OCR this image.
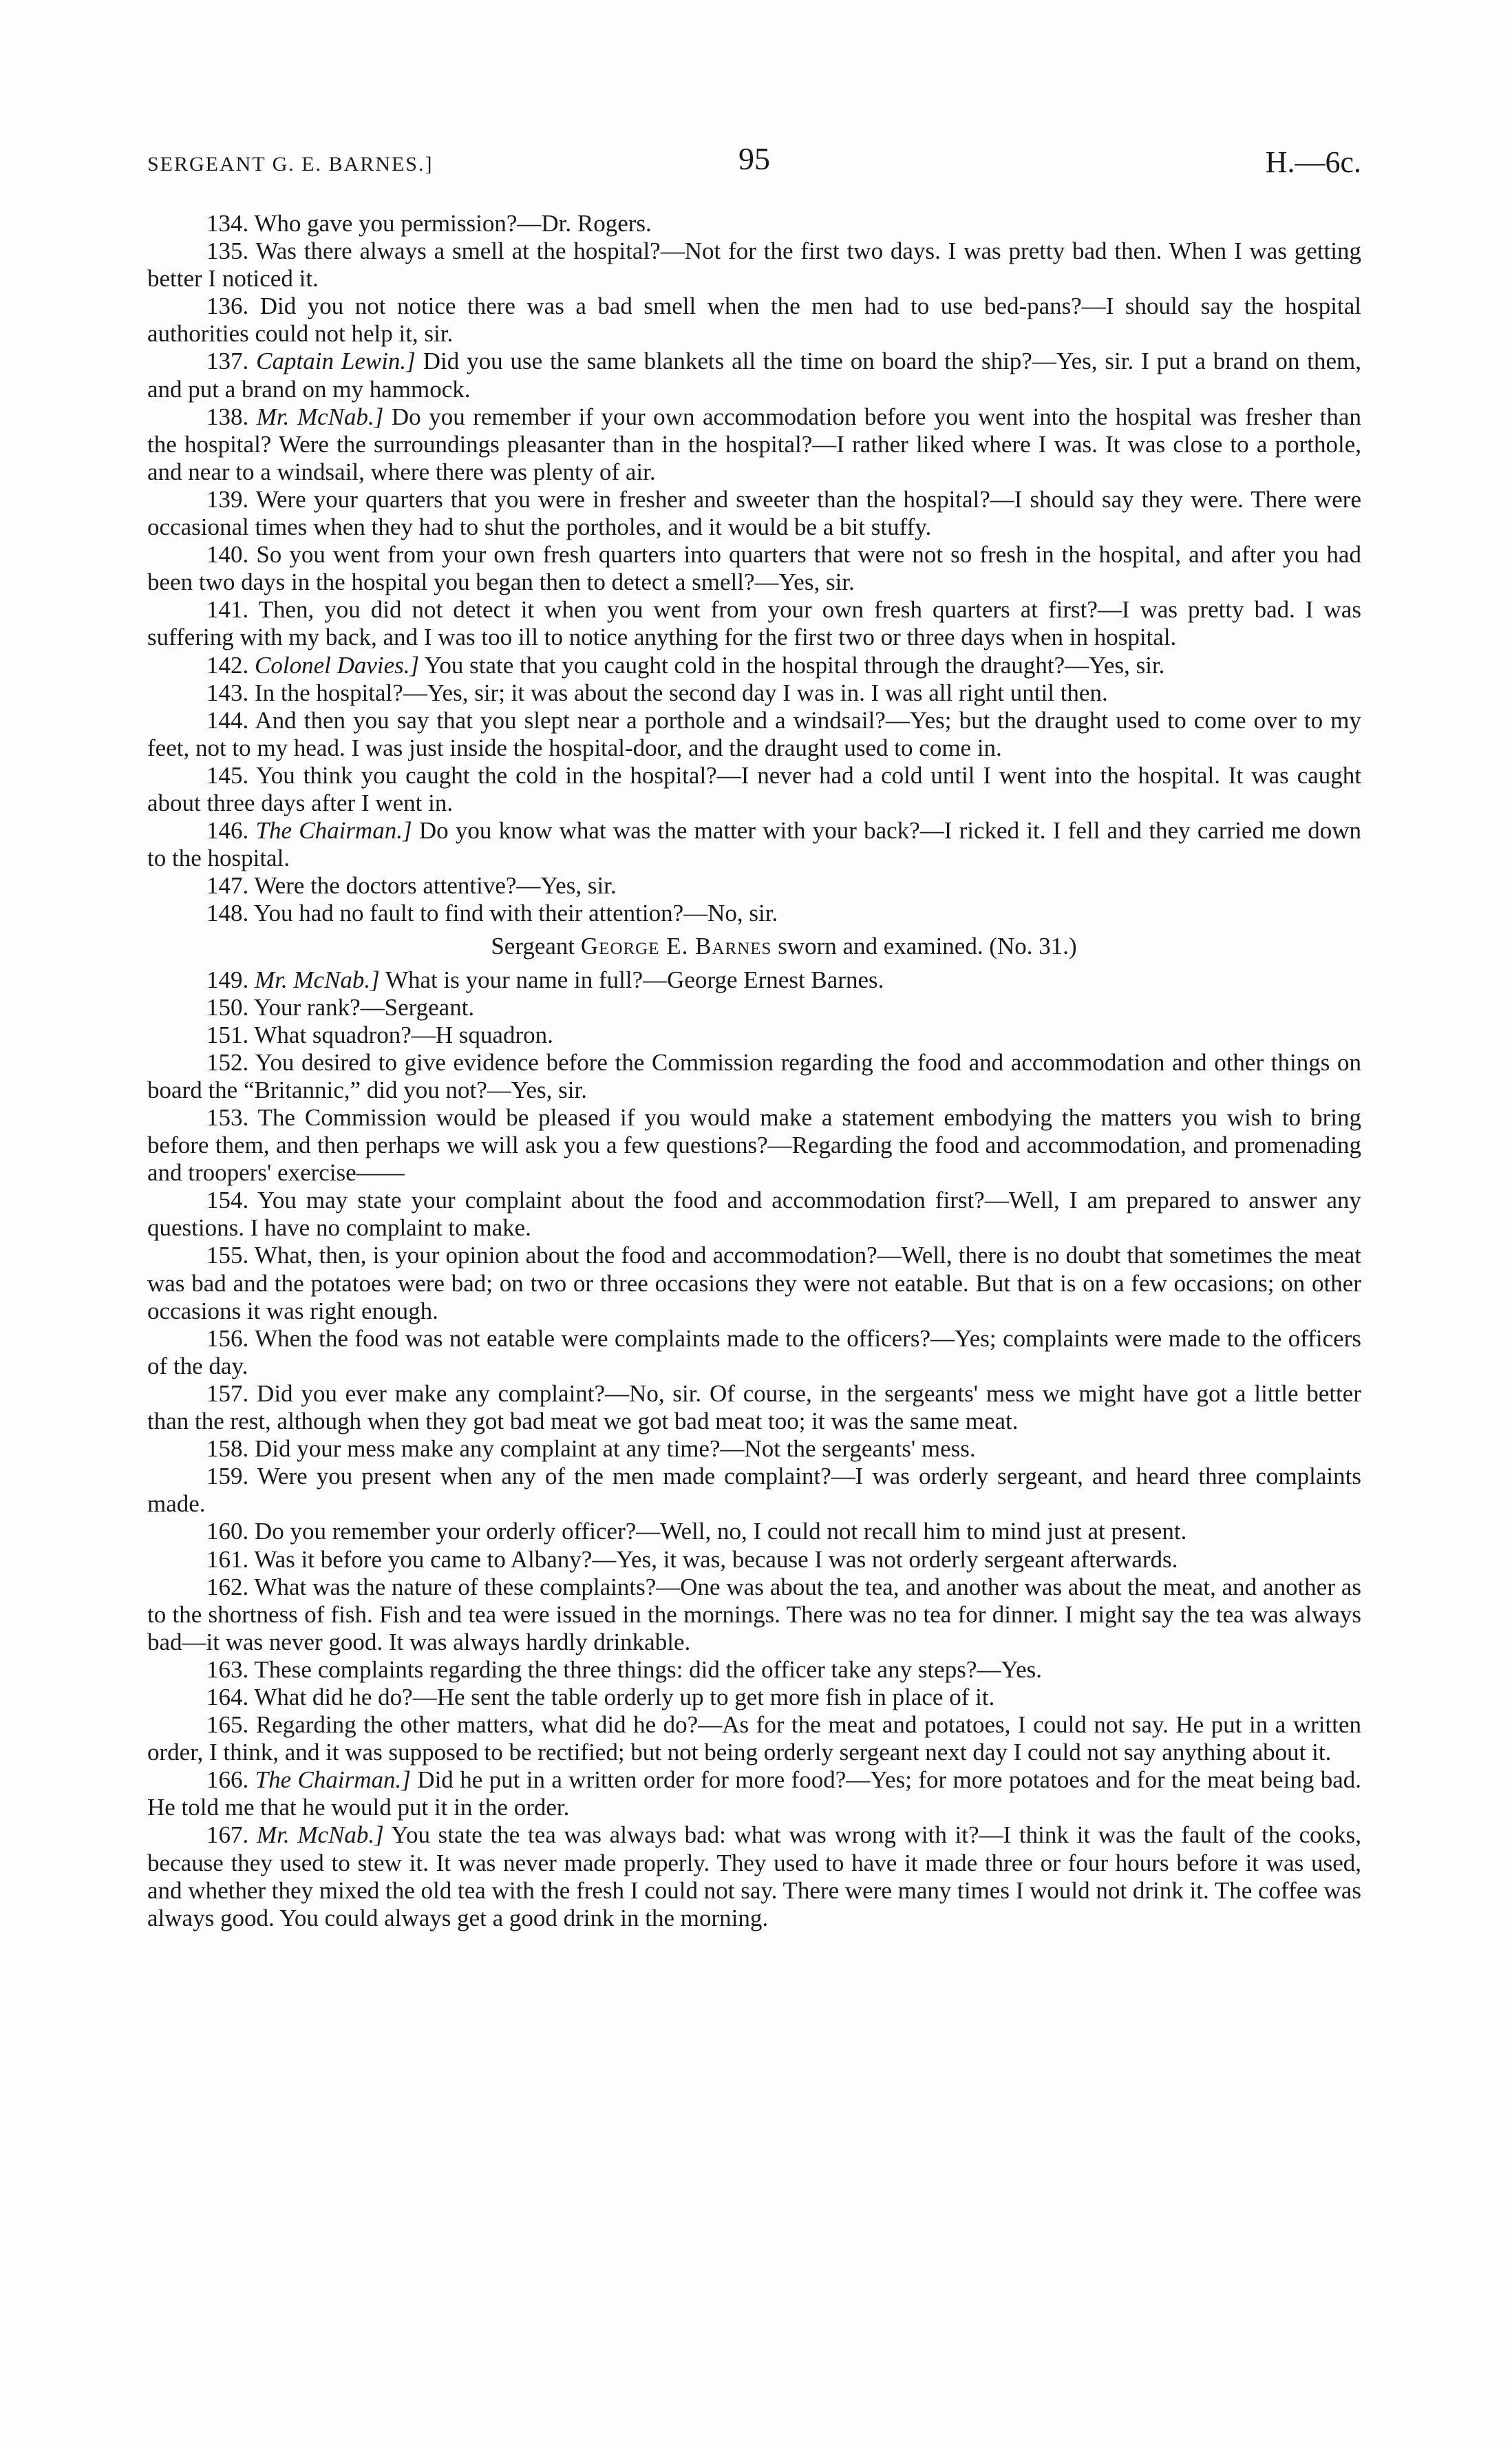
SERGEANT G. E. BARNES.]	95	H.—6c.

134. Who gave you permission?—Dr. Rogers.

135. Was there always a smell at the hospital?—Not for the first two days. I was pretty bad then. When I was getting better I noticed it.

136. Did you not notice there was a bad smell when the men had to use bed-pans?—I should say the hospital authorities could not help it, sir.

137. Captain Lewin.] Did you use the same blankets all the time on board the ship?—Yes, sir. I put a brand on them, and put a brand on my hammock.

138. Mr. McNab.] Do you remember if your own accommodation before you went into the hospital was fresher than the hospital? Were the surroundings pleasanter than in the hospital?—I rather liked where I was. It was close to a porthole, and near to a windsail, where there was plenty of air.

139. Were your quarters that you were in fresher and sweeter than the hospital?—I should say they were. There were occasional times when they had to shut the portholes, and it would be a bit stuffy.

140. So you went from your own fresh quarters into quarters that were not so fresh in the hospital, and after you had been two days in the hospital you began then to detect a smell?—Yes, sir.

141. Then, you did not detect it when you went from your own fresh quarters at first?—I was pretty bad. I was suffering with my back, and I was too ill to notice anything for the first two or three days when in hospital.

142. Colonel Davies.] You state that you caught cold in the hospital through the draught?—Yes, sir.

143. In the hospital?—Yes, sir; it was about the second day I was in. I was all right until then.

144. And then you say that you slept near a porthole and a windsail?—Yes; but the draught used to come over to my feet, not to my head. I was just inside the hospital-door, and the draught used to come in.

145. You think you caught the cold in the hospital?—I never had a cold until I went into the hospital. It was caught about three days after I went in.

146. The Chairman.] Do you know what was the matter with your back?—I ricked it. I fell and they carried me down to the hospital.

147. Were the doctors attentive?—Yes, sir.

148. You had no fault to find with their attention?—No, sir.

Sergeant George E. Barnes sworn and examined. (No. 31.)

149. Mr. McNab.] What is your name in full?—George Ernest Barnes.

150. Your rank?—Sergeant.

151. What squadron?—H squadron.

152. You desired to give evidence before the Commission regarding the food and accommodation and other things on board the “Britannic,” did you not?—Yes, sir.

153. The Commission would be pleased if you would make a statement embodying the matters you wish to bring before them, and then perhaps we will ask you a few questions?—Regarding the food and accommodation, and promenading and troopers' exercise——

154. You may state your complaint about the food and accommodation first?—Well, I am prepared to answer any questions. I have no complaint to make.

155. What, then, is your opinion about the food and accommodation?—Well, there is no doubt that sometimes the meat was bad and the potatoes were bad; on two or three occasions they were not eatable. But that is on a few occasions; on other occasions it was right enough.

156. When the food was not eatable were complaints made to the officers?—Yes; complaints were made to the officers of the day.

157. Did you ever make any complaint?—No, sir. Of course, in the sergeants' mess we might have got a little better than the rest, although when they got bad meat we got bad meat too; it was the same meat.

158. Did your mess make any complaint at any time?—Not the sergeants' mess.

159. Were you present when any of the men made complaint?—I was orderly sergeant, and heard three complaints made.

160. Do you remember your orderly officer?—Well, no, I could not recall him to mind just at present.

161. Was it before you came to Albany?—Yes, it was, because I was not orderly sergeant afterwards.

162. What was the nature of these complaints?—One was about the tea, and another was about the meat, and another as to the shortness of fish. Fish and tea were issued in the mornings. There was no tea for dinner. I might say the tea was always bad—it was never good. It was always hardly drinkable.

163. These complaints regarding the three things: did the officer take any steps?—Yes.

164. What did he do?—He sent the table orderly up to get more fish in place of it.

165. Regarding the other matters, what did he do?—As for the meat and potatoes, I could not say. He put in a written order, I think, and it was supposed to be rectified; but not being orderly sergeant next day I could not say anything about it.

166. The Chairman.] Did he put in a written order for more food?—Yes; for more potatoes and for the meat being bad. He told me that he would put it in the order.

167. Mr. McNab.] You state the tea was always bad: what was wrong with it?—I think it was the fault of the cooks, because they used to stew it. It was never made properly. They used to have it made three or four hours before it was used, and whether they mixed the old tea with the fresh I could not say. There were many times I would not drink it. The coffee was always good. You could always get a good drink in the morning.
